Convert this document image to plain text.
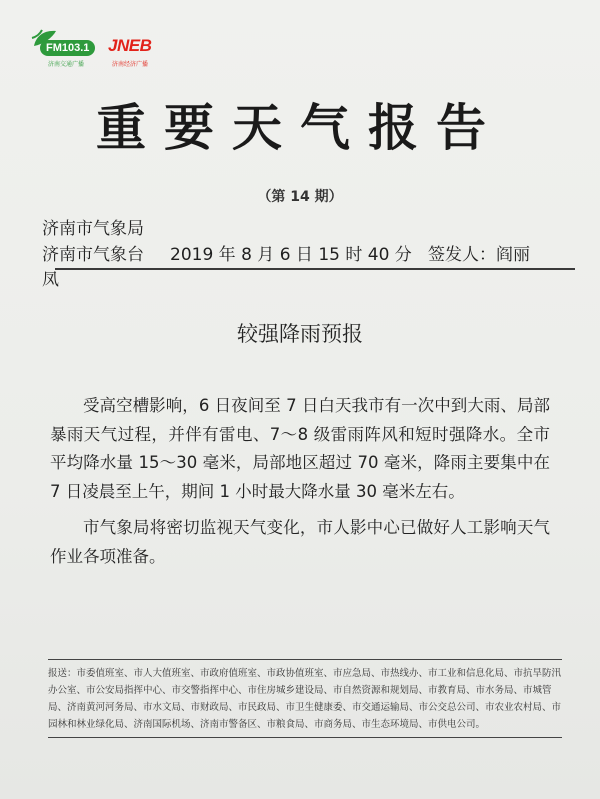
FM103.1
济南交通广播
JNEB
济南经济广播
重要天气报告
（第 14 期）
济南市气象局
济南市气象台 2019 年 8 月 6 日 15 时 40 分 签发人：阎丽
凤
较强降雨预报

受高空槽影响，6 日夜间至 7 日白天我市有一次中到大雨、局部暴雨天气过程，并伴有雷电、7～8 级雷雨阵风和短时强降水。全市平均降水量 15～30 毫米，局部地区超过 70 毫米，降雨主要集中在 7 日凌晨至上午，期间 1 小时最大降水量 30 毫米左右。

市气象局将密切监视天气变化，市人影中心已做好人工影响天气作业各项准备。

报送：市委值班室、市人大值班室、市政府值班室、市政协值班室、市应急局、市热线办、市工业和信息化局、市抗旱防汛办公室、市公安局指挥中心、市交警指挥中心、市住房城乡建设局、市自然资源和规划局、市教育局、市水务局、市城管局、济南黄河河务局、市水文局、市财政局、市民政局、市卫生健康委、市交通运输局、市公交总公司、市农业农村局、市园林和林业绿化局、济南国际机场、济南市警备区、市粮食局、市商务局、市生态环境局、市供电公司。
